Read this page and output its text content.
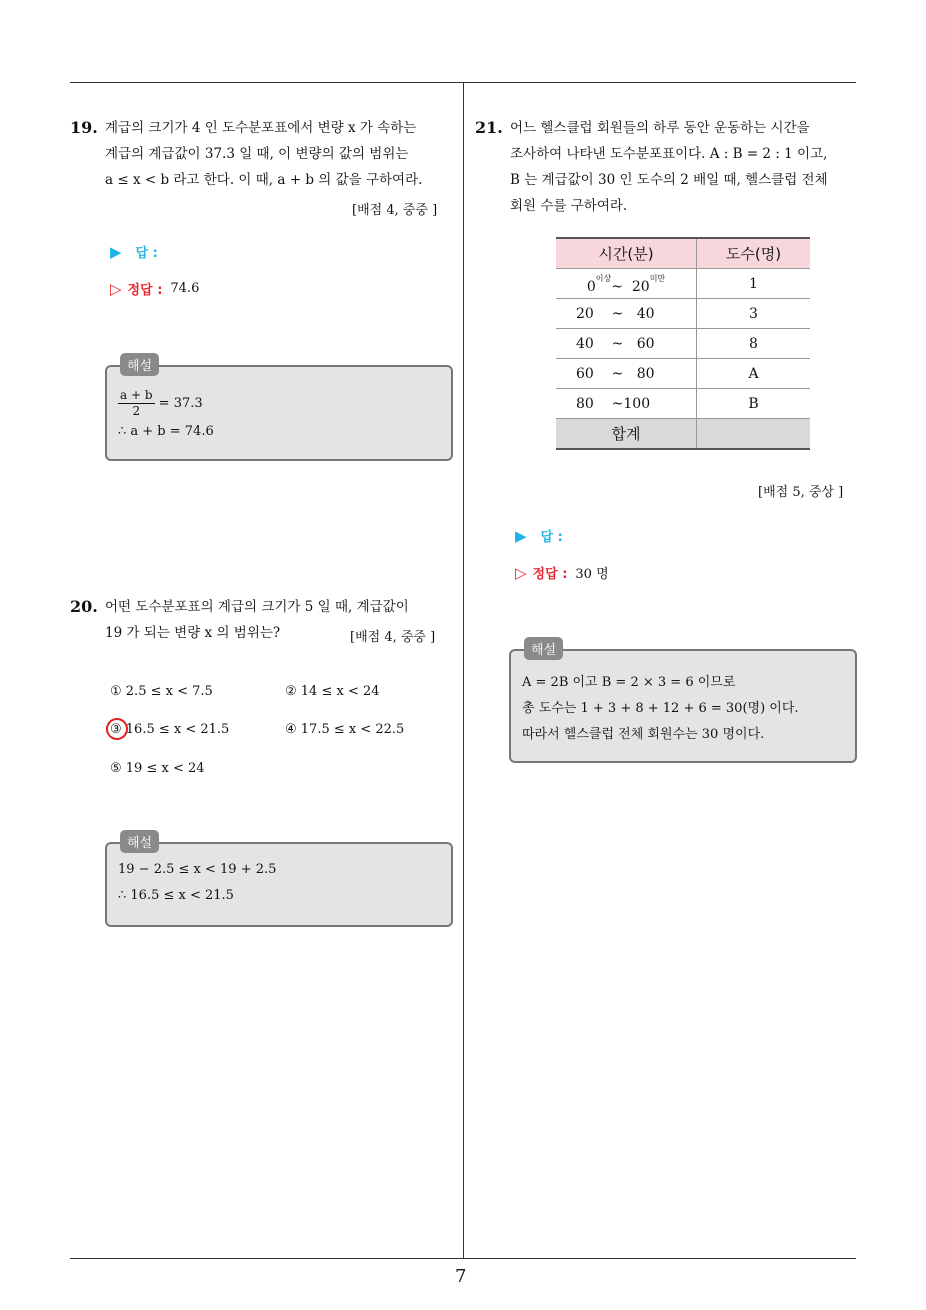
7
19. 계급의 크기가 4 인 도수분포표에서 변량 x 가 속하는
계급의 계급값이 37.3 일 때, 이 변량의 값의 범위는
a ≤ x < b 라고 한다. 이 때, a + b 의 값을 구하여라.
[배점 4, 중중 ]
▶ 답 :
▷ 정답 : 74.6
해설
$\frac{a + b}{2} = 37.3$
∴ a + b = 74.6
20. 어떤 도수분포표의 계급의 크기가 5 일 때, 계급값이
19 가 되는 변량 x 의 범위는?	[배점 4, 중중 ]
① 2.5 ≤ x < 7.5	② 14 ≤ x < 24
③ 16.5 ≤ x < 21.5	④ 17.5 ≤ x < 22.5
⑤ 19 ≤ x < 24
해설
19 − 2.5 ≤ x < 19 + 2.5
∴ 16.5 ≤ x < 21.5
21. 어느 헬스클럽 회원들의 하루 동안 운동하는 시간을
조사하여 나타낸 도수분포표이다. A : B = 2 : 1 이고,
B 는 계급값이 30 인 도수의 2 배일 때, 헬스클럽 전체
회원 수를 구하여라.
시간(분)	도수(명)
$0^{이상}\sim$ $20^{미만}$	1
20 ~ 40	3
40 ~ 60	8
60 ~ 80	A
80 ~100	B
합계	
[배점 5, 중상 ]
▶ 답 :
▷ 정답 : 30 명
해설
A = 2B 이고 B = 2 × 3 = 6 이므로
총 도수는 1 + 3 + 8 + 12 + 6 = 30(명) 이다.
따라서 헬스클럽 전체 회원수는 30 명이다.
